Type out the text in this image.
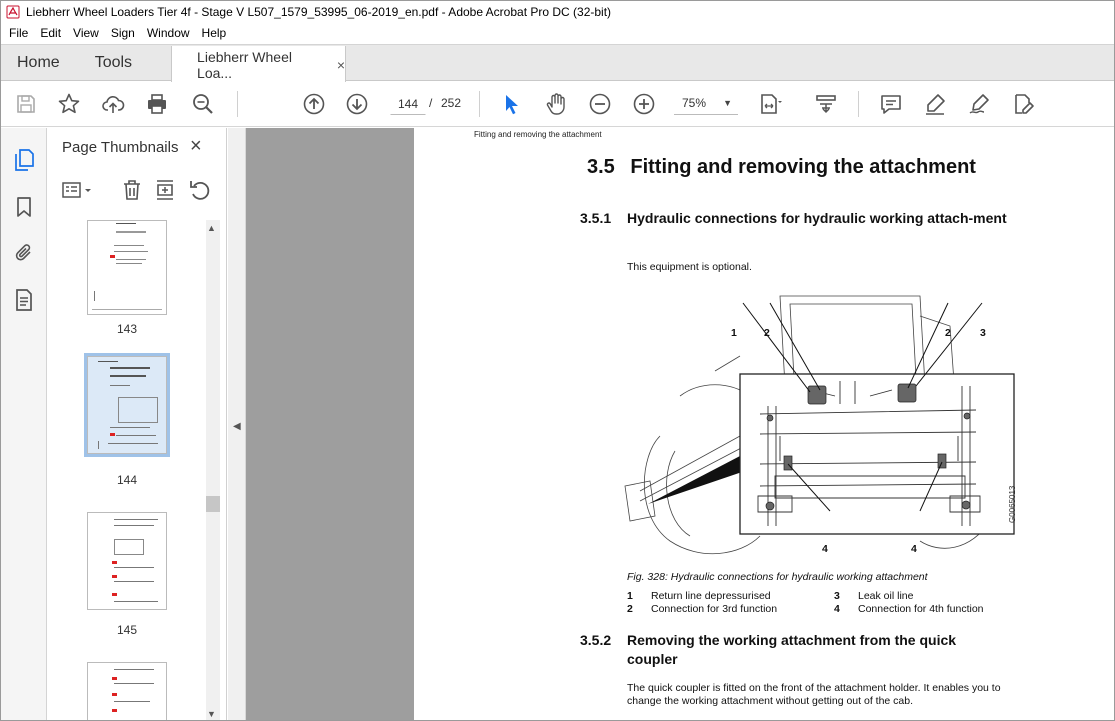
Liebherr Wheel Loaders Tier 4f - Stage V L507_1579_53995_06-2019_en.pdf - Adobe Acrobat Pro DC (32-bit)
File	Edit	View	Sign	Window	Help
Home	Tools	Liebherr Wheel Loa...	×
144 / 252	75% ▼
Page Thumbnails ×
143
144
145
▲
▼
◀
Fitting and removing the attachment
3.5 Fitting and removing the attachment
3.5.1 Hydraulic connections for hydraulic working attach-ment
This equipment is optional.
1	2	2	3
4	4
G0065013
Fig. 328: Hydraulic connections for hydraulic working attachment
1 Return line depressurised
2 Connection for 3rd function
3 Leak oil line
4 Connection for 4th function
3.5.2 Removing the working attachment from the quick coupler
The quick coupler is fitted on the front of the attachment holder. It enables you to change the working attachment without getting out of the cab.
